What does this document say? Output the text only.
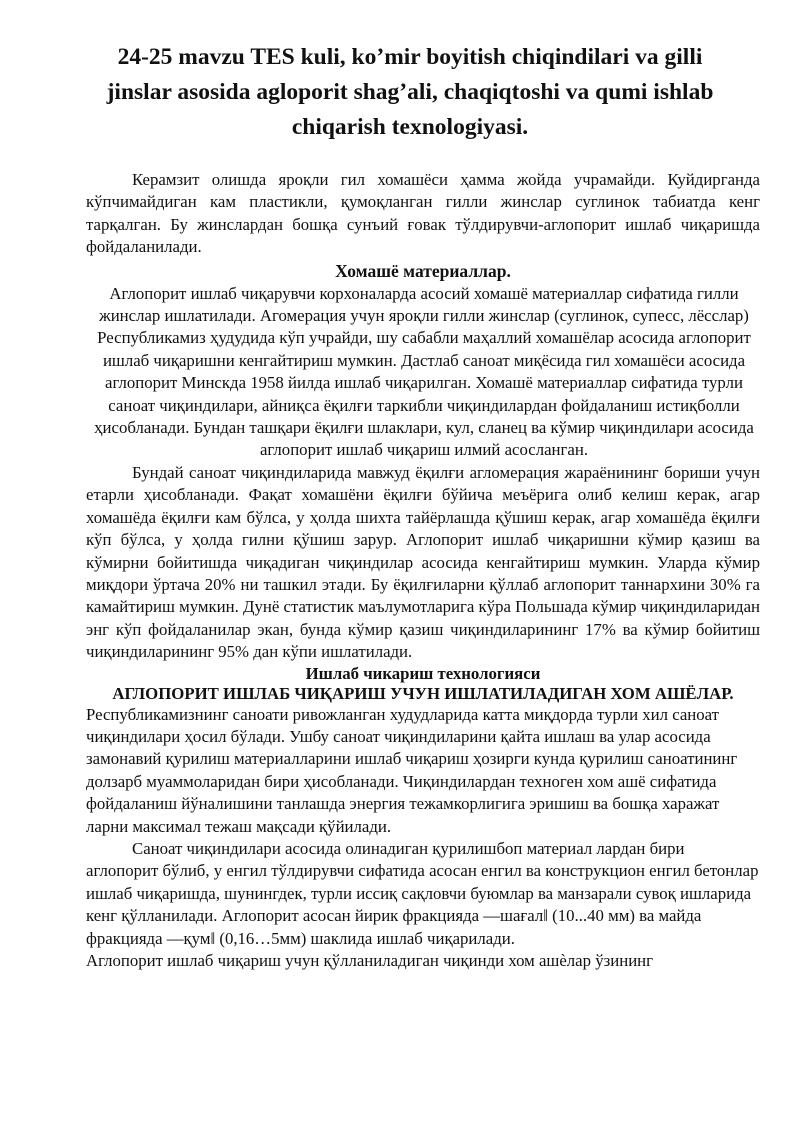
24-25 mavzu TES kuli, ko’mir boyitish chiqindilari va gilli jinslar asosida agloporit shag’ali, chaqiqtoshi va qumi ishlab chiqarish texnologiyasi.

Керамзит олишда яроқли гил хомашёси ҳамма жойда учрамайди. Куйдирганда кўпчимайдиган кам пластикли, қумоқланган гилли жинслар суглинок табиатда кенг тарқалган. Бу жинслардан бошқа сунъий ғовак тўлдирувчи-аглопорит ишлаб чиқаришда фойдаланилади.

Хомашё материаллар.

Аглопорит ишлаб чиқарувчи корхоналарда асосий хомашё материаллар сифатида гилли жинслар ишлатилади. Агомерация учун яроқли гилли жинслар (суглинок, супесс, лёсслар) Республикамиз ҳудудида кўп учрайди, шу сабабли маҳаллий хомашёлар асосида аглопорит ишлаб чиқаришни кенгайтириш мумкин. Дастлаб саноат миқёсида гил хомашёси асосида аглопорит Минскда 1958 йилда ишлаб чиқарилган. Хомашё материаллар сифатида турли саноат чиқиндилари, айниқса ёқилғи таркибли чиқиндилардан фойдаланиш истиқболли ҳисобланади. Бундан ташқари ёқилғи шлаклари, кул, сланец ва кўмир чиқиндилари асосида аглопорит ишлаб чиқариш илмий асосланган.

Бундай саноат чиқиндиларида мавжуд ёқилғи агломерация жараёнининг бориши учун етарли ҳисобланади. Фақат хомашёни ёқилғи бўйича меъёрига олиб келиш керак, агар хомашёда ёқилғи кам бўлса, у ҳолда шихта тайёрлашда қўшиш керак, агар хомашёда ёқилғи кўп бўлса, у ҳолда гилни қўшиш зарур. Аглопорит ишлаб чиқаришни кўмир қазиш ва кўмирни бойитишда чиқадиган чиқиндилар асосида кенгайтириш мумкин. Уларда кўмир миқдори ўртача 20% ни ташкил этади. Бу ёқилғиларни қўллаб аглопорит таннархини 30% га камайтириш мумкин. Дунё статистик маълумотларига кўра Польшада кўмир чиқиндиларидан энг кўп фойдаланилар экан, бунда кўмир қазиш чиқиндиларининг 17% ва кўмир бойитиш чиқиндиларининг 95% дан кўпи ишлатилади.

Ишлаб чикариш технологияси
АГЛОПОРИТ ИШЛАБ ЧИҚАРИШ УЧУН ИШЛАТИЛАДИГАН ХОМ АШЁЛАР.

Республикамизнинг саноати ривожланган худудларида катта миқдорда турли хил саноат чиқиндилари ҳосил бўлади. Ушбу саноат чиқиндиларини қайта ишлаш ва улар асосида замонавий қурилиш материалларини ишлаб чиқариш ҳозирги кунда қурилиш саноатининг долзарб муаммоларидан бири ҳисобланади. Чиқиндилардан техноген хом ашё сифатида фойдаланиш йўналишини танлашда энергия тежамкорлигига эришиш ва бошқа харажат ларни максимал тежаш мақсади қўйилади.

Саноат чиқиндилари асосида олинадиган қурилишбоп материал лардан бири аглопорит бўлиб, у енгил тўлдирувчи сифатида асосан енгил ва конструкцион енгил бетонлар ишлаб чиқаришда, шунингдек, турли иссиқ сақловчи буюмлар ва манзарали сувоқ ишларида кенг қўлланилади. Аглопорит асосан йирик фракцияда ―шағал‖ (10...40 мм) ва майда фракцияда ―қум‖ (0,16…5мм) шаклида ишлаб чиқарилади.

Аглопорит ишлаб чиқариш учун қўлланиладиган чиқинди хом ашѐлар ўзининг
